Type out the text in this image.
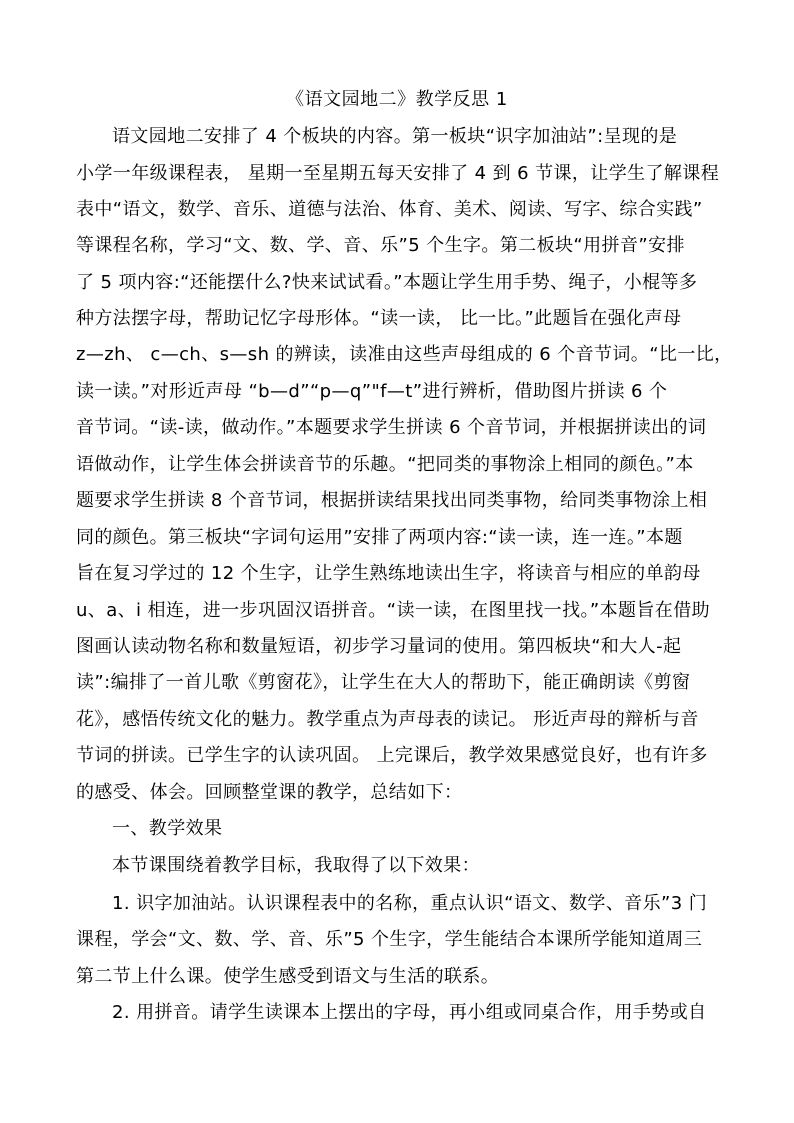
《语文园地二》教学反思 1
语文园地二安排了 4 个板块的内容。第一板块“识字加油站”:呈现的是
小学一年级课程表， 星期一至星期五每天安排了 4 到 6 节课，让学生了解课程
表中“语文，数学、音乐、道德与法治、体育、美术、阅读、写字、综合实践”
等课程名称，学习“文、数、学、音、乐”5 个生字。第二板块“用拼音”安排
了 5 项内容:“还能摆什么?快来试试看。”本题让学生用手势、绳子，小棍等多
种方法摆字母，帮助记忆字母形体。“读一读， 比一比。”此题旨在强化声母
z—zh、 c—ch、s—sh 的辨读，读准由这些声母组成的 6 个音节词。“比一比，
读一读。”对形近声母 “b—d”“p—q”"f—t”进行辨析，借助图片拼读 6 个
音节词。“读-读，做动作。”本题要求学生拼读 6 个音节词，并根据拼读出的词
语做动作，让学生体会拼读音节的乐趣。“把同类的事物涂上相同的颜色。”本
题要求学生拼读 8 个音节词，根据拼读结果找出同类事物，给同类事物涂上相
同的颜色。第三板块“字词句运用”安排了两项内容:“读一读，连一连。”本题
旨在复习学过的 12 个生字，让学生熟练地读出生字，将读音与相应的单韵母
u、a、i 相连，进一步巩固汉语拼音。“读一读，在图里找一找。”本题旨在借助
图画认读动物名称和数量短语，初步学习量词的使用。第四板块“和大人-起
读”:编排了一首儿歌《剪窗花》，让学生在大人的帮助下，能正确朗读《剪窗
花》，感悟传统文化的魅力。教学重点为声母表的读记。 形近声母的辩析与音
节词的拼读。已学生字的认读巩固。 上完课后，教学效果感觉良好，也有许多
的感受、体会。回顾整堂课的教学，总结如下：
一、教学效果
本节课围绕着教学目标，我取得了以下效果：
1. 识字加油站。认识课程表中的名称，重点认识“语文、数学、音乐”3 门
课程，学会“文、数、学、音、乐”5 个生字，学生能结合本课所学能知道周三
第二节上什么课。使学生感受到语文与生活的联系。
2. 用拼音。请学生读课本上摆出的字母，再小组或同桌合作，用手势或自
